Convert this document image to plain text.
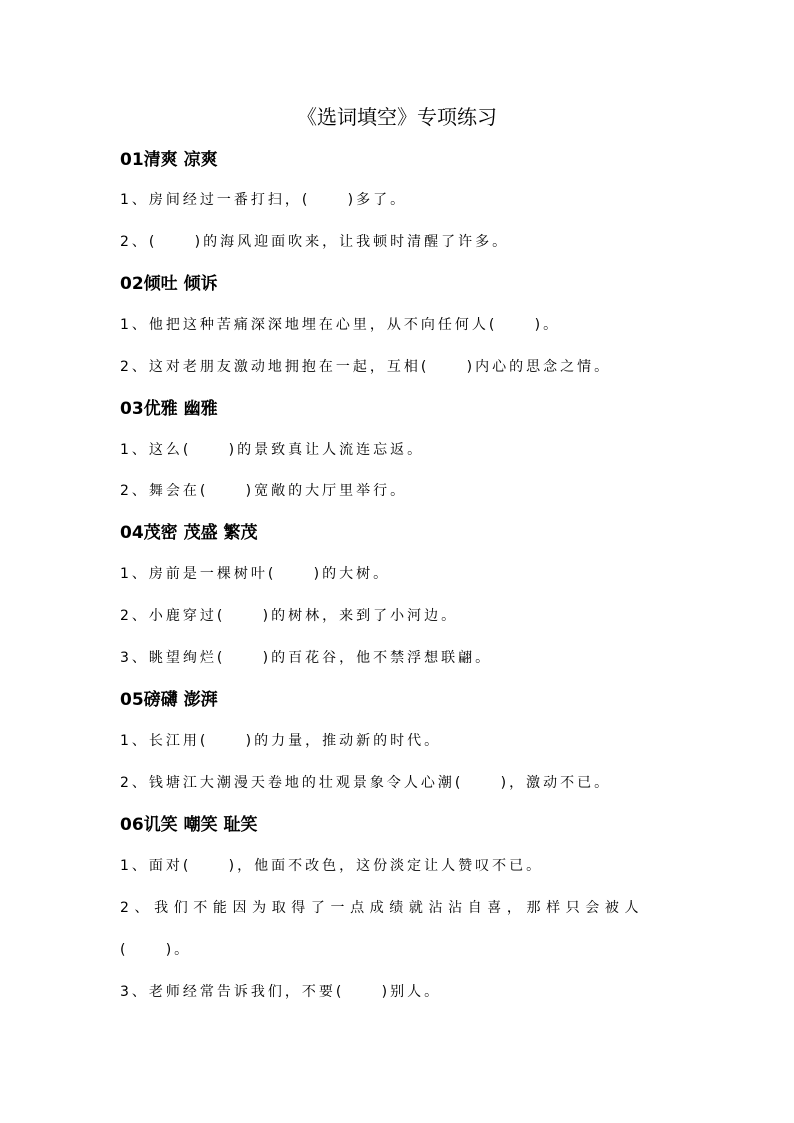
《选词填空》专项练习
01清爽 凉爽

1、房间经过一番打扫，(     )多了。

2、(     )的海风迎面吹来，让我顿时清醒了许多。

02倾吐 倾诉

1、他把这种苦痛深深地埋在心里，从不向任何人(     )。

2、这对老朋友激动地拥抱在一起，互相(     )内心的思念之情。

03优雅 幽雅

1、这么(     )的景致真让人流连忘返。

2、舞会在(     )宽敞的大厅里举行。

04茂密 茂盛 繁茂

1、房前是一棵树叶(     )的大树。

2、小鹿穿过(     )的树林，来到了小河边。

3、眺望绚烂(     )的百花谷，他不禁浮想联翩。

05磅礴 澎湃

1、长江用(     )的力量，推动新的时代。

2、钱塘江大潮漫天卷地的壮观景象令人心潮(     )，激动不已。

06讥笑 嘲笑 耻笑

1、面对(     )，他面不改色，这份淡定让人赞叹不已。

2、我们不能因为取得了一点成绩就沾沾自喜，那样只会被人

(     )。

3、老师经常告诉我们，不要(     )别人。
